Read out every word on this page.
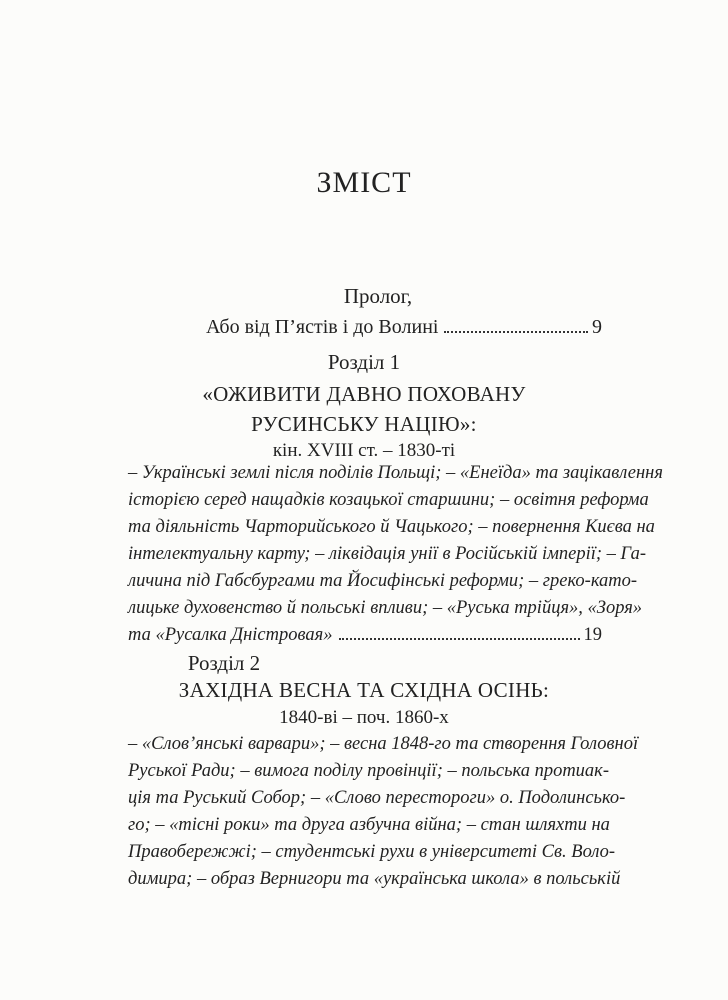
ЗМІСТ
Пролог,
Або від П’ястів і до Волині	9
Розділ 1
«ОЖИВИТИ ДАВНО ПОХОВАНУ
РУСИНСЬКУ НАЦІЮ»:
кін. XVIII ст. – 1830-ті
– Українські землі після поділів Польщі; – «Енеїда» та зацікавлення
історією серед нащадків козацької старшини; – освітня реформа
та діяльність Чарторийського й Чацького; – повернення Києва на
інтелектуальну карту; – ліквідація унії в Російській імперії; – Га-
личина під Габсбургами та Йосифінські реформи; – греко-като-
лицьке духовенство й польські впливи; – «Руська трійця», «Зоря»
та «Русалка Дністровая»	19
Розділ 2
ЗАХІДНА ВЕСНА ТА СХІДНА ОСІНЬ:
1840-ві – поч. 1860-х
– «Слов’янські варвари»; – весна 1848-го та створення Головної
Руської Ради; – вимога поділу провінції; – польська протиак-
ція та Руський Собор; – «Слово перестороги» о. Подолинсько-
го; – «тісні роки» та друга азбучна війна; – стан шляхти на
Правобережжі; – студентські рухи в університеті Св. Воло-
димира; – образ Вернигори та «українська школа» в польській
